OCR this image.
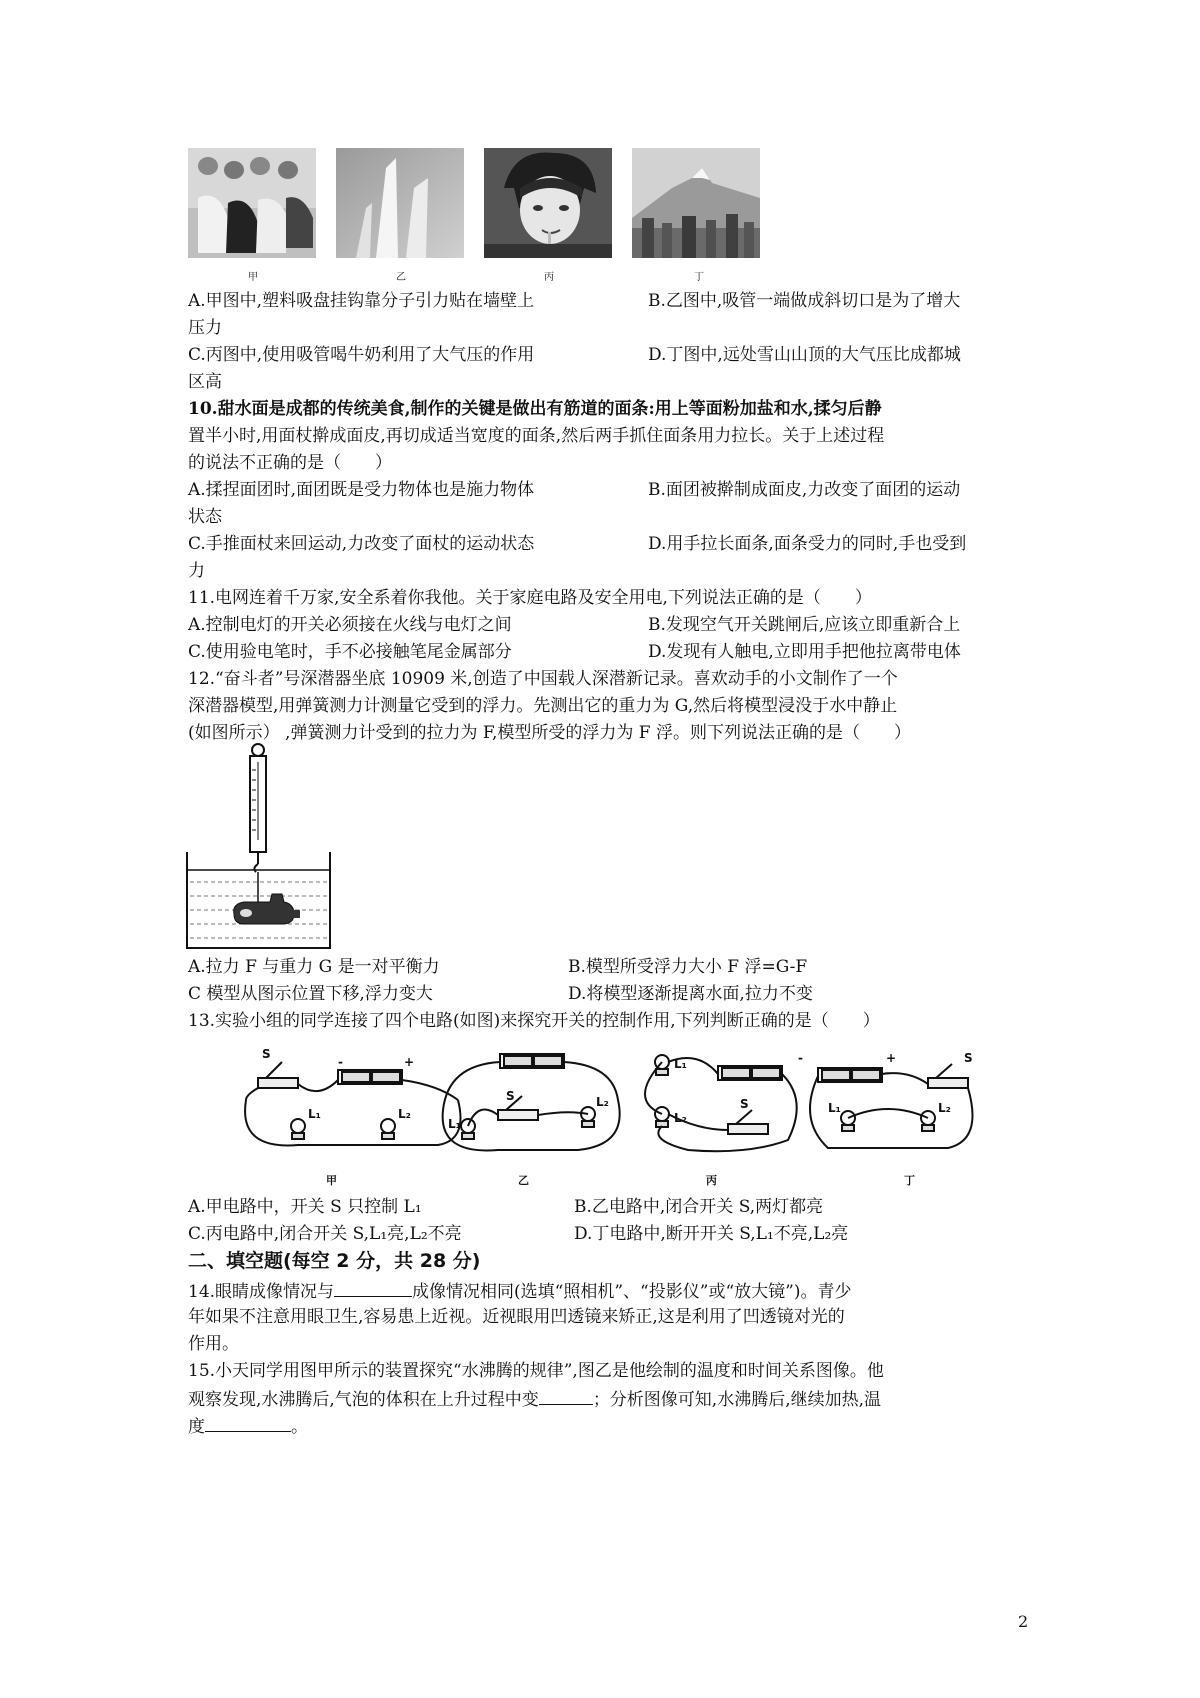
甲	乙	丙	丁
A.甲图中,塑料吸盘挂钩靠分子引力贴在墙壁上	B.乙图中,吸管一端做成斜切口是为了增大
压力
C.丙图中,使用吸管喝牛奶利用了大气压的作用	D.丁图中,远处雪山山顶的大气压比成都城
区高
10.甜水面是成都的传统美食,制作的关键是做出有筋道的面条:用上等面粉加盐和水,揉匀后静
置半小时,用面杖擀成面皮,再切成适当宽度的面条,然后两手抓住面条用力拉长。关于上述过程
的说法不正确的是（　　）
A.揉捏面团时,面团既是受力物体也是施力物体	B.面团被擀制成面皮,力改变了面团的运动
状态
C.手推面杖来回运动,力改变了面杖的运动状态	D.用手拉长面条,面条受力的同时,手也受到
力
11.电网连着千万家,安全系着你我他。关于家庭电路及安全用电,下列说法正确的是（　　）
A.控制电灯的开关必须接在火线与电灯之间	B.发现空气开关跳闸后,应该立即重新合上
C.使用验电笔时，手不必接触笔尾金属部分	D.发现有人触电,立即用手把他拉离带电体
12.“奋斗者”号深潜器坐底 10909 米,创造了中国载人深潜新记录。喜欢动手的小文制作了一个
深潜器模型,用弹簧测力计测量它受到的浮力。先测出它的重力为 G,然后将模型浸没于水中静止
(如图所示） ,弹簧测力计受到的拉力为 F,模型所受的浮力为 F 浮。则下列说法正确的是（　　）
A.拉力 F 与重力 G 是一对平衡力	B.模型所受浮力大小 F 浮=G-F
C 模型从图示位置下移,浮力变大	D.将模型逐渐提离水面,拉力不变
13.实验小组的同学连接了四个电路(如图)来探究开关的控制作用,下列判断正确的是（　　）
S
-	+
L₁	L₂
S
L₁
L₂
L₁
L₂
S
S
-	+
L₁	L₂
甲	乙	丙	丁
A.甲电路中，开关 S 只控制 L₁	B.乙电路中,闭合开关 S,两灯都亮
C.丙电路中,闭合开关 S,L₁亮,L₂不亮	D.丁电路中,断开开关 S,L₁不亮,L₂亮
二、填空题(每空 2 分，共 28 分)
14.眼睛成像情况与	成像情况相同(选填“照相机”、“投影仪”或“放大镜”)。青少
年如果不注意用眼卫生,容易患上近视。近视眼用凹透镜来矫正,这是利用了凹透镜对光的
作用。
15.小天同学用图甲所示的装置探究“水沸腾的规律”,图乙是他绘制的温度和时间关系图像。他
观察发现,水沸腾后,气泡的体积在上升过程中变	；分析图像可知,水沸腾后,继续加热,温
度	。
2
